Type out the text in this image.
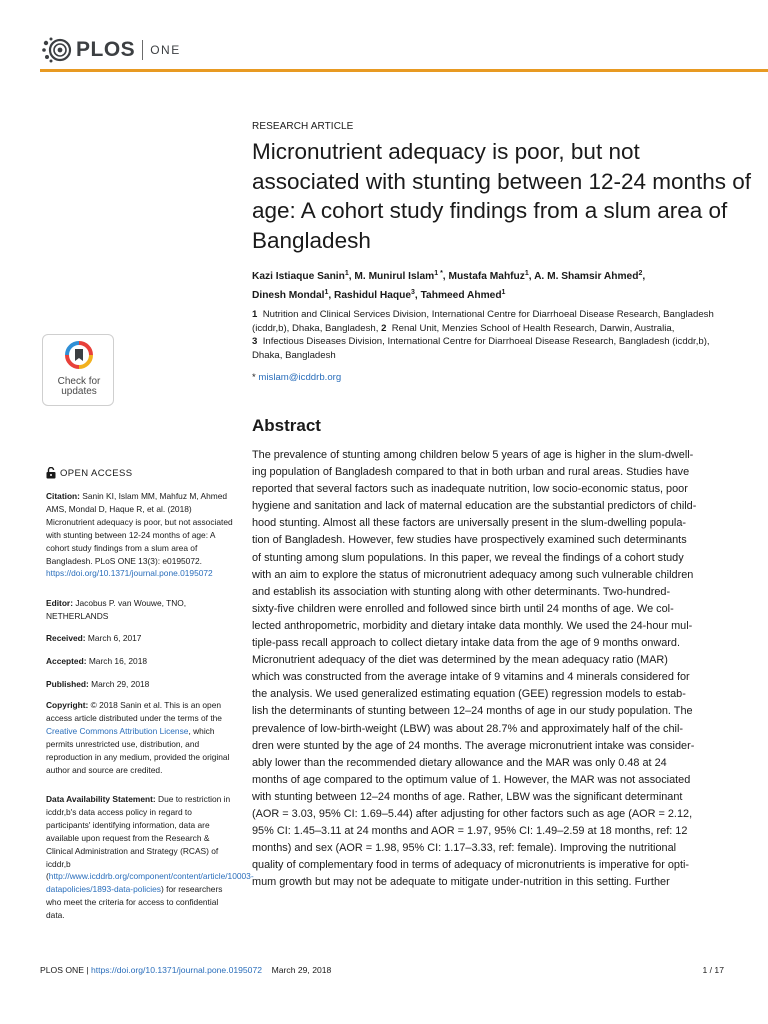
PLOS ONE
RESEARCH ARTICLE
Micronutrient adequacy is poor, but not associated with stunting between 12-24 months of age: A cohort study findings from a slum area of Bangladesh
Kazi Istiaque Sanin$^1$, M. Munirul Islam$^{1 *}$, Mustafa Mahfuz$^1$, A. M. Shamsir Ahmed$^2$,
Dinesh Mondal$^1$, Rashidul Haque$^3$, Tahmeed Ahmed$^1$
1 Nutrition and Clinical Services Division, International Centre for Diarrhoeal Disease Research, Bangladesh (icddr,b), Dhaka, Bangladesh, 2 Renal Unit, Menzies School of Health Research, Darwin, Australia,
3 Infectious Diseases Division, International Centre for Diarrhoeal Disease Research, Bangladesh (icddr,b), Dhaka, Bangladesh
* mislam@icddrb.org
Abstract
The prevalence of stunting among children below 5 years of age is higher in the slum-dwell-
ing population of Bangladesh compared to that in both urban and rural areas. Studies have
reported that several factors such as inadequate nutrition, low socio-economic status, poor
hygiene and sanitation and lack of maternal education are the substantial predictors of child-
hood stunting. Almost all these factors are universally present in the slum-dwelling popula-
tion of Bangladesh. However, few studies have prospectively examined such determinants
of stunting among slum populations. In this paper, we reveal the findings of a cohort study
with an aim to explore the status of micronutrient adequacy among such vulnerable children
and establish its association with stunting along with other determinants. Two-hundred-
sixty-five children were enrolled and followed since birth until 24 months of age. We col-
lected anthropometric, morbidity and dietary intake data monthly. We used the 24-hour mul-
tiple-pass recall approach to collect dietary intake data from the age of 9 months onward.
Micronutrient adequacy of the diet was determined by the mean adequacy ratio (MAR)
which was constructed from the average intake of 9 vitamins and 4 minerals considered for
the analysis. We used generalized estimating equation (GEE) regression models to estab-
lish the determinants of stunting between 12–24 months of age in our study population. The
prevalence of low-birth-weight (LBW) was about 28.7% and approximately half of the chil-
dren were stunted by the age of 24 months. The average micronutrient intake was consider-
ably lower than the recommended dietary allowance and the MAR was only 0.48 at 24
months of age compared to the optimum value of 1. However, the MAR was not associated
with stunting between 12–24 months of age. Rather, LBW was the significant determinant
(AOR = 3.03, 95% CI: 1.69–5.44) after adjusting for other factors such as age (AOR = 2.12,
95% CI: 1.45–3.11 at 24 months and AOR = 1.97, 95% CI: 1.49–2.59 at 18 months, ref: 12
months) and sex (AOR = 1.98, 95% CI: 1.17–3.33, ref: female). Improving the nutritional
quality of complementary food in terms of adequacy of micronutrients is imperative for opti-
mum growth but may not be adequate to mitigate under-nutrition in this setting. Further
Check for
updates
OPEN ACCESS
Citation: Sanin KI, Islam MM, Mahfuz M, Ahmed AMS, Mondal D, Haque R, et al. (2018) Micronutrient adequacy is poor, but not associated with stunting between 12-24 months of age: A cohort study findings from a slum area of Bangladesh. PLoS ONE 13(3): e0195072. https://doi.org/10.1371/journal.pone.0195072
Editor: Jacobus P. van Wouwe, TNO, NETHERLANDS
Received: March 6, 2017
Accepted: March 16, 2018
Published: March 29, 2018
Copyright: © 2018 Sanin et al. This is an open access article distributed under the terms of the Creative Commons Attribution License, which permits unrestricted use, distribution, and reproduction in any medium, provided the original author and source are credited.
Data Availability Statement: Due to restriction in icddr,b's data access policy in regard to participants' identifying information, data are available upon request from the Research & Clinical Administration and Strategy (RCAS) of icddr,b (http://www.icddrb.org/component/content/article/10003-datapolicies/1893-data-policies) for researchers who meet the criteria for access to confidential data.
PLOS ONE | https://doi.org/10.1371/journal.pone.0195072 March 29, 2018	1 / 17
